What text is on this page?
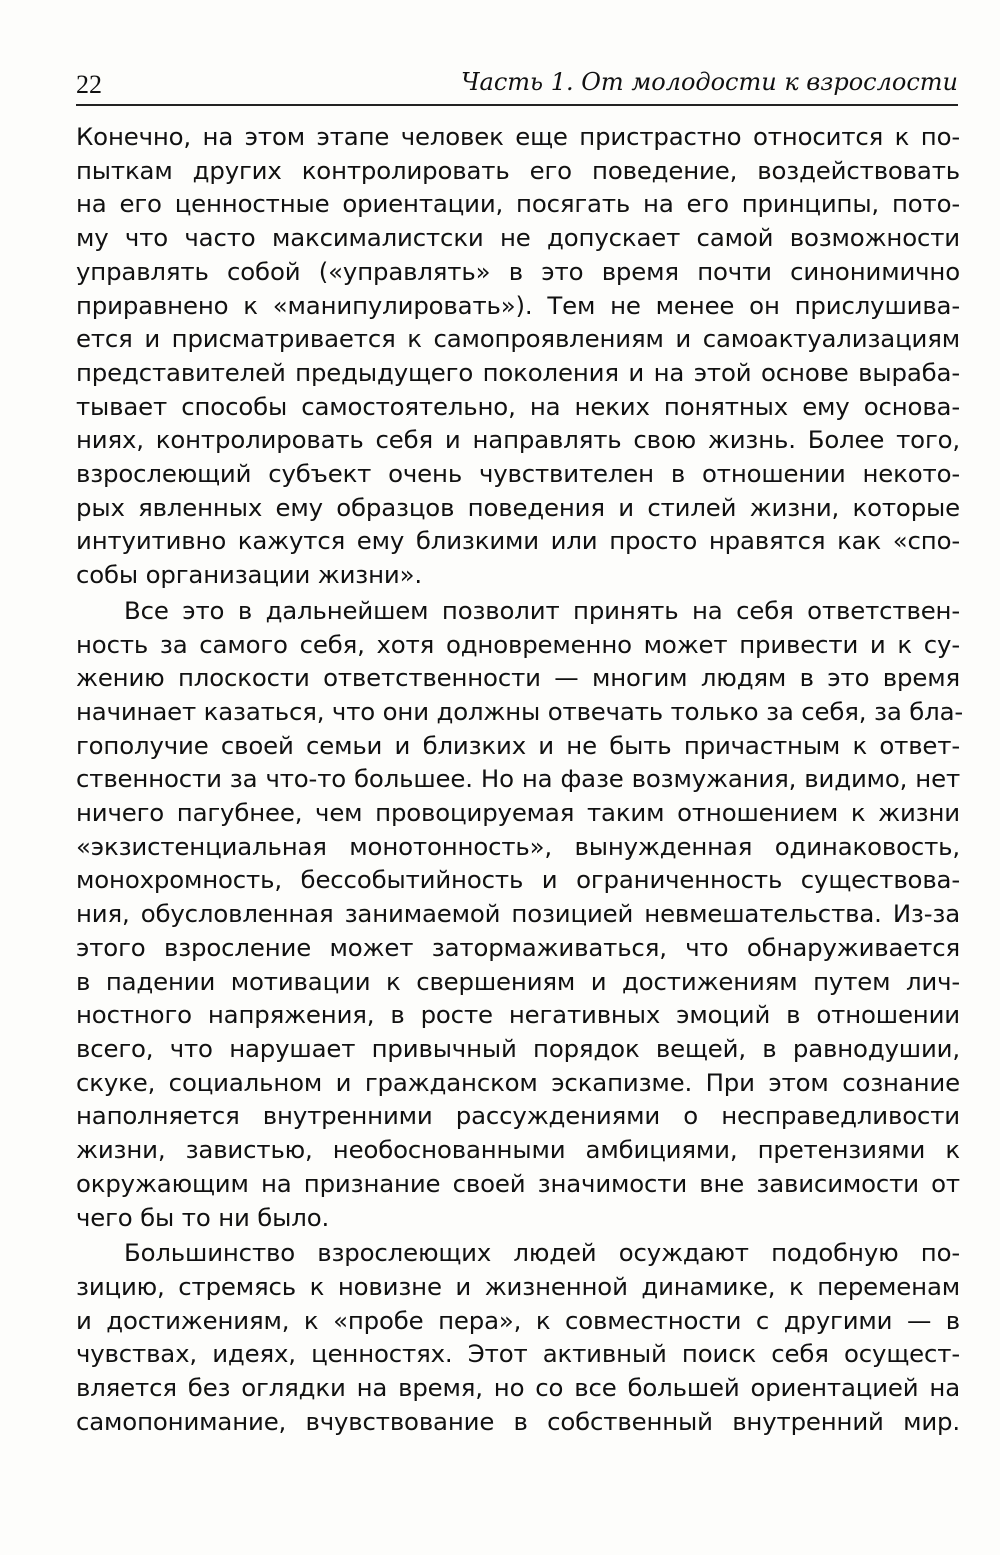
22	Часть 1. От молодости к взрослости
Конечно, на этом этапе человек еще пристрастно относится к по-
пыткам других контролировать его поведение, воздействовать
на его ценностные ориентации, посягать на его принципы, пото-
му что часто максималистски не допускает самой возможности
управлять собой («управлять» в это время почти синонимично
приравнено к «манипулировать»). Тем не менее он прислушива-
ется и присматривается к самопроявлениям и самоактуализациям
представителей предыдущего поколения и на этой основе выраба-
тывает способы самостоятельно, на неких понятных ему основа-
ниях, контролировать себя и направлять свою жизнь. Более того,
взрослеющий субъект очень чувствителен в отношении некото-
рых явленных ему образцов поведения и стилей жизни, которые
интуитивно кажутся ему близкими или просто нравятся как «спо-
собы организации жизни».
Все это в дальнейшем позволит принять на себя ответствен-
ность за самого себя, хотя одновременно может привести и к су-
жению плоскости ответственности — многим людям в это время
начинает казаться, что они должны отвечать только за себя, за бла-
гополучие своей семьи и близких и не быть причастным к ответ-
ственности за что-то большее. Но на фазе возмужания, видимо, нет
ничего пагубнее, чем провоцируемая таким отношением к жизни
«экзистенциальная монотонность», вынужденная одинаковость,
монохромность, бессобытийность и ограниченность существова-
ния, обусловленная занимаемой позицией невмешательства. Из-за
этого взросление может затормаживаться, что обнаруживается
в падении мотивации к свершениям и достижениям путем лич-
ностного напряжения, в росте негативных эмоций в отношении
всего, что нарушает привычный порядок вещей, в равнодушии,
скуке, социальном и гражданском эскапизме. При этом сознание
наполняется внутренними рассуждениями о несправедливости
жизни, завистью, необоснованными амбициями, претензиями к
окружающим на признание своей значимости вне зависимости от
чего бы то ни было.
Большинство взрослеющих людей осуждают подобную по-
зицию, стремясь к новизне и жизненной динамике, к переменам
и достижениям, к «пробе пера», к совместности с другими — в
чувствах, идеях, ценностях. Этот активный поиск себя осущест-
вляется без оглядки на время, но со все большей ориентацией на
самопонимание, вчувствование в собственный внутренний мир.
